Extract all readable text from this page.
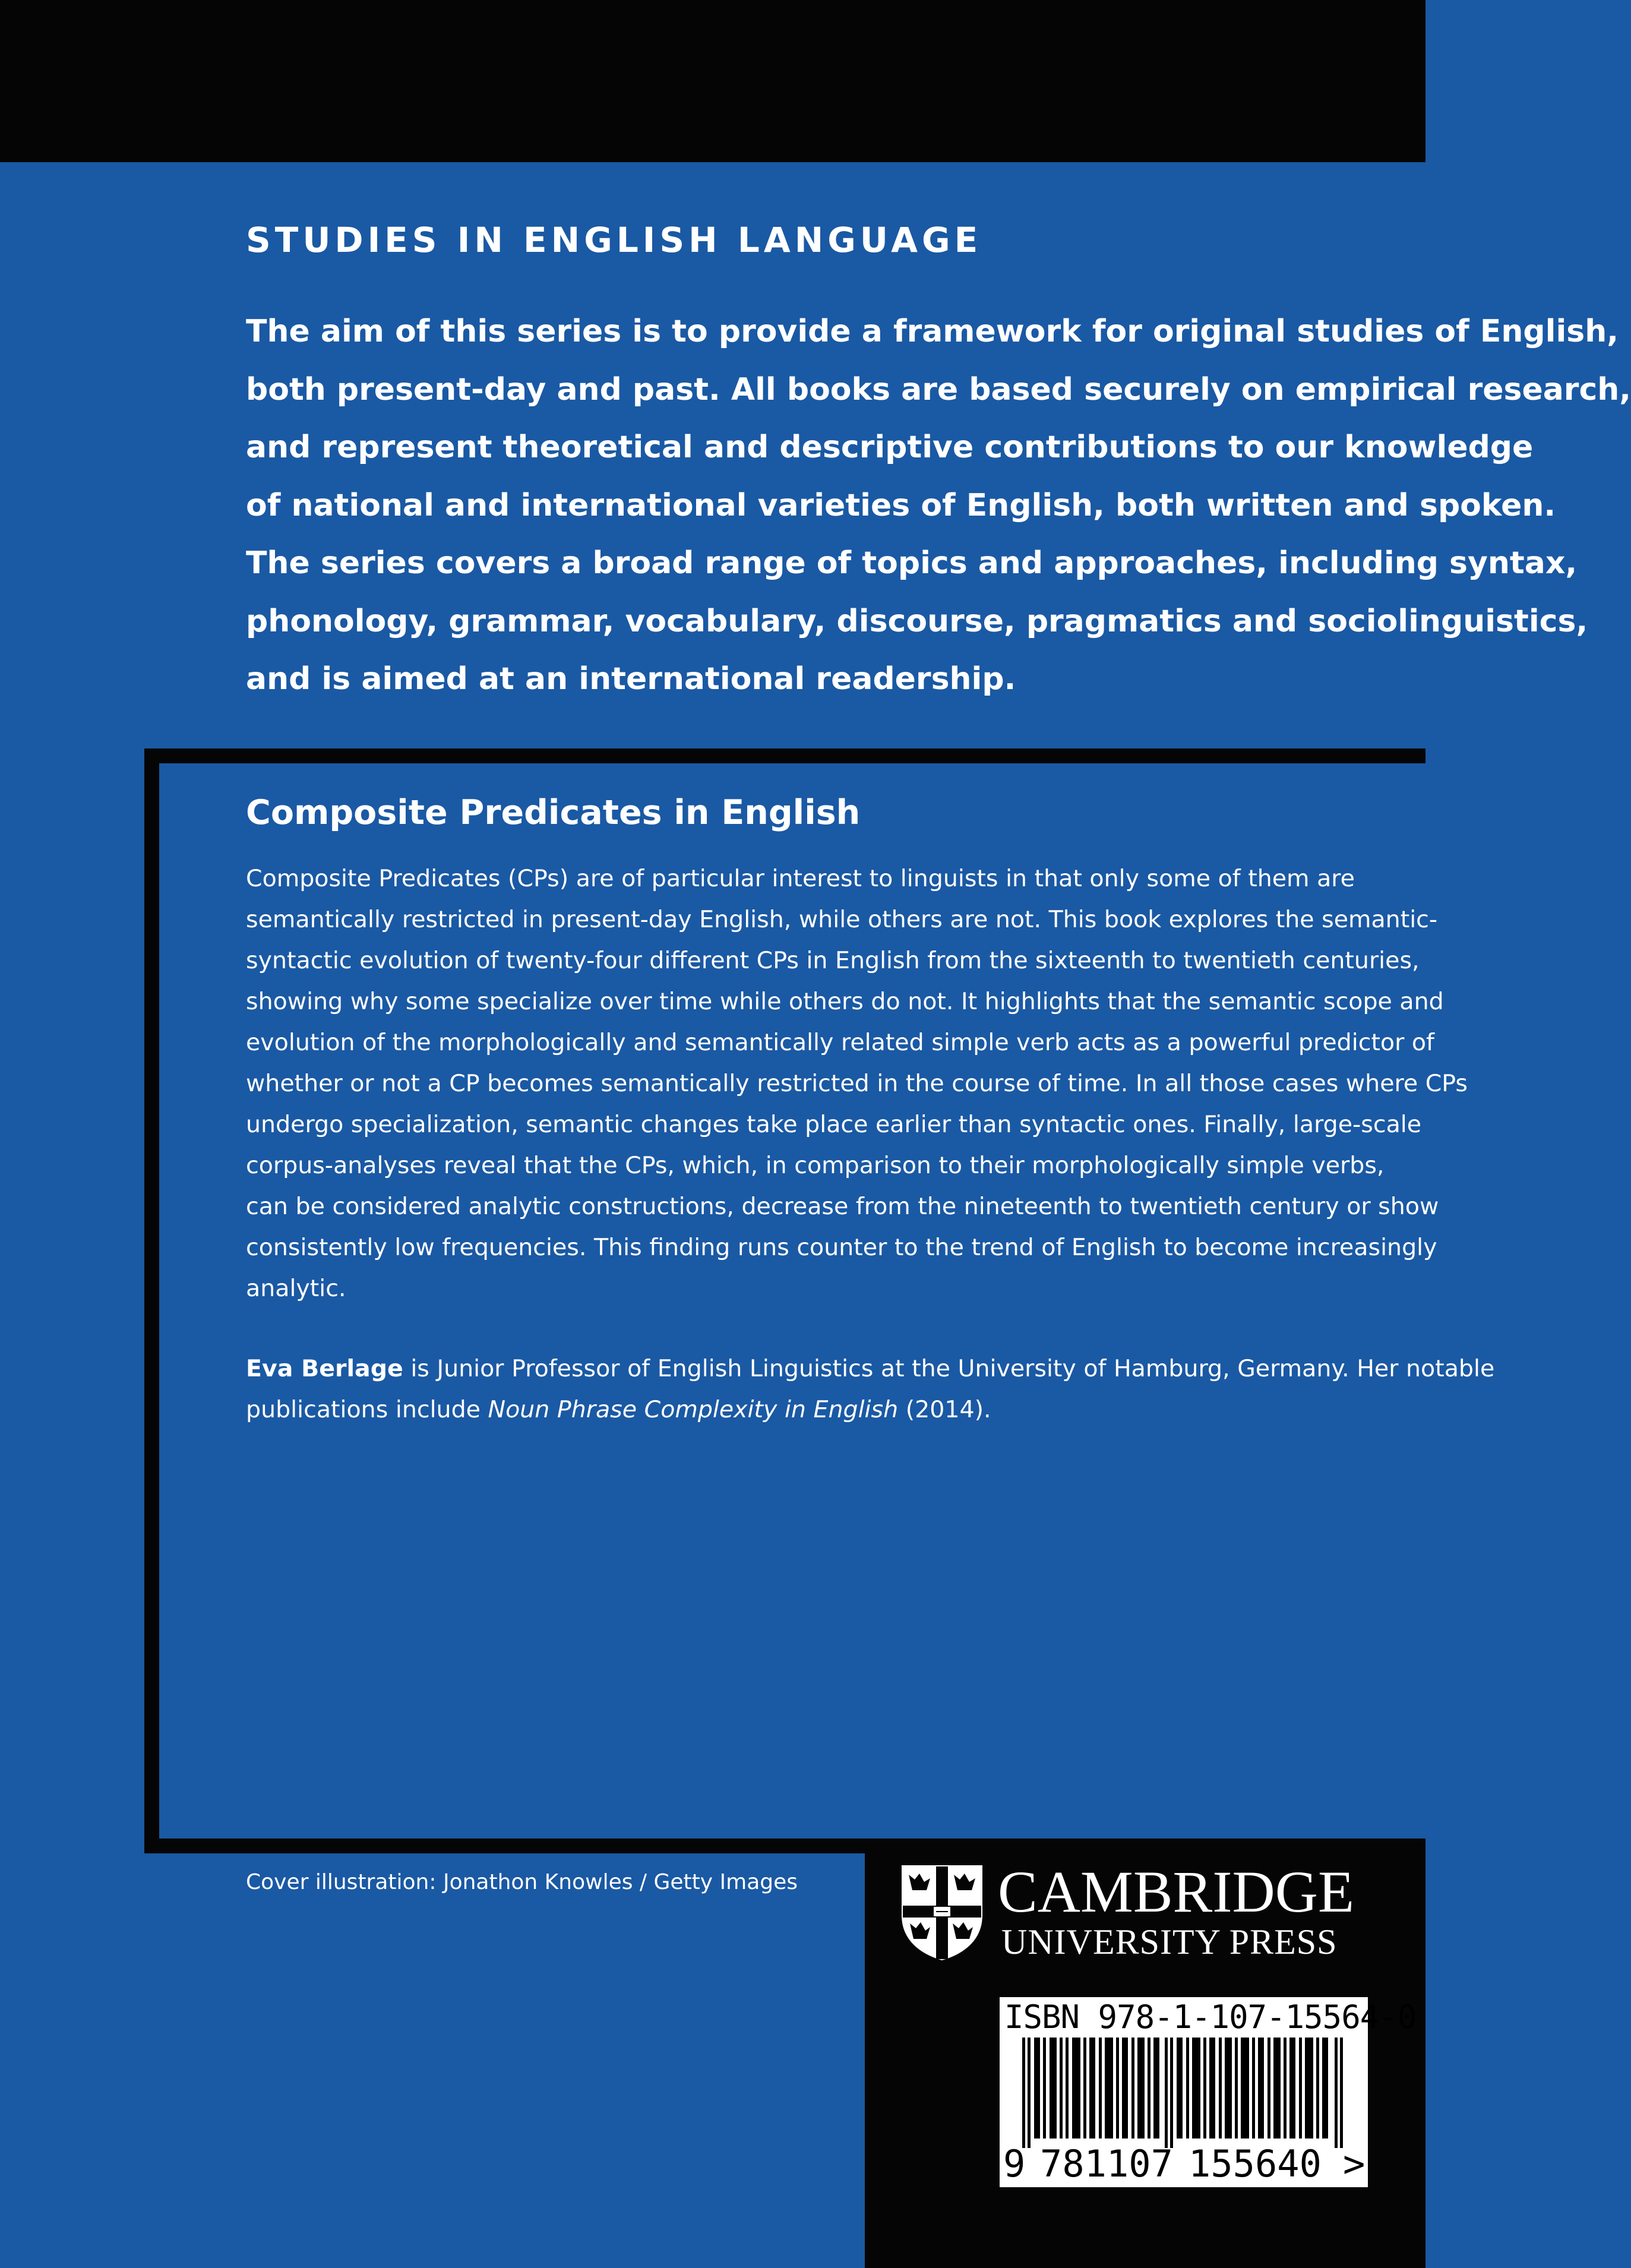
STUDIES IN ENGLISH LANGUAGE
The aim of this series is to provide a framework for original studies of English,
both present-day and past. All books are based securely on empirical research,
and represent theoretical and descriptive contributions to our knowledge
of national and international varieties of English, both written and spoken.
The series covers a broad range of topics and approaches, including syntax,
phonology, grammar, vocabulary, discourse, pragmatics and sociolinguistics,
and is aimed at an international readership.
Composite Predicates in English
Composite Predicates (CPs) are of particular interest to linguists in that only some of them are
semantically restricted in present-day English, while others are not. This book explores the semantic-
syntactic evolution of twenty-four different CPs in English from the sixteenth to twentieth centuries,
showing why some specialize over time while others do not. It highlights that the semantic scope and
evolution of the morphologically and semantically related simple verb acts as a powerful predictor of
whether or not a CP becomes semantically restricted in the course of time. In all those cases where CPs
undergo specialization, semantic changes take place earlier than syntactic ones. Finally, large-scale
corpus-analyses reveal that the CPs, which, in comparison to their morphologically simple verbs,
can be considered analytic constructions, decrease from the nineteenth to twentieth century or show
consistently low frequencies. This finding runs counter to the trend of English to become increasingly
analytic.
Eva Berlage is Junior Professor of English Linguistics at the University of Hamburg, Germany. Her notable
publications include Noun Phrase Complexity in English (2014).
Cover illustration: Jonathon Knowles / Getty Images	CAMBRIDGE
UNIVERSITY PRESS
ISBN 978-1-107-15564-0
9 781107 155640 >
